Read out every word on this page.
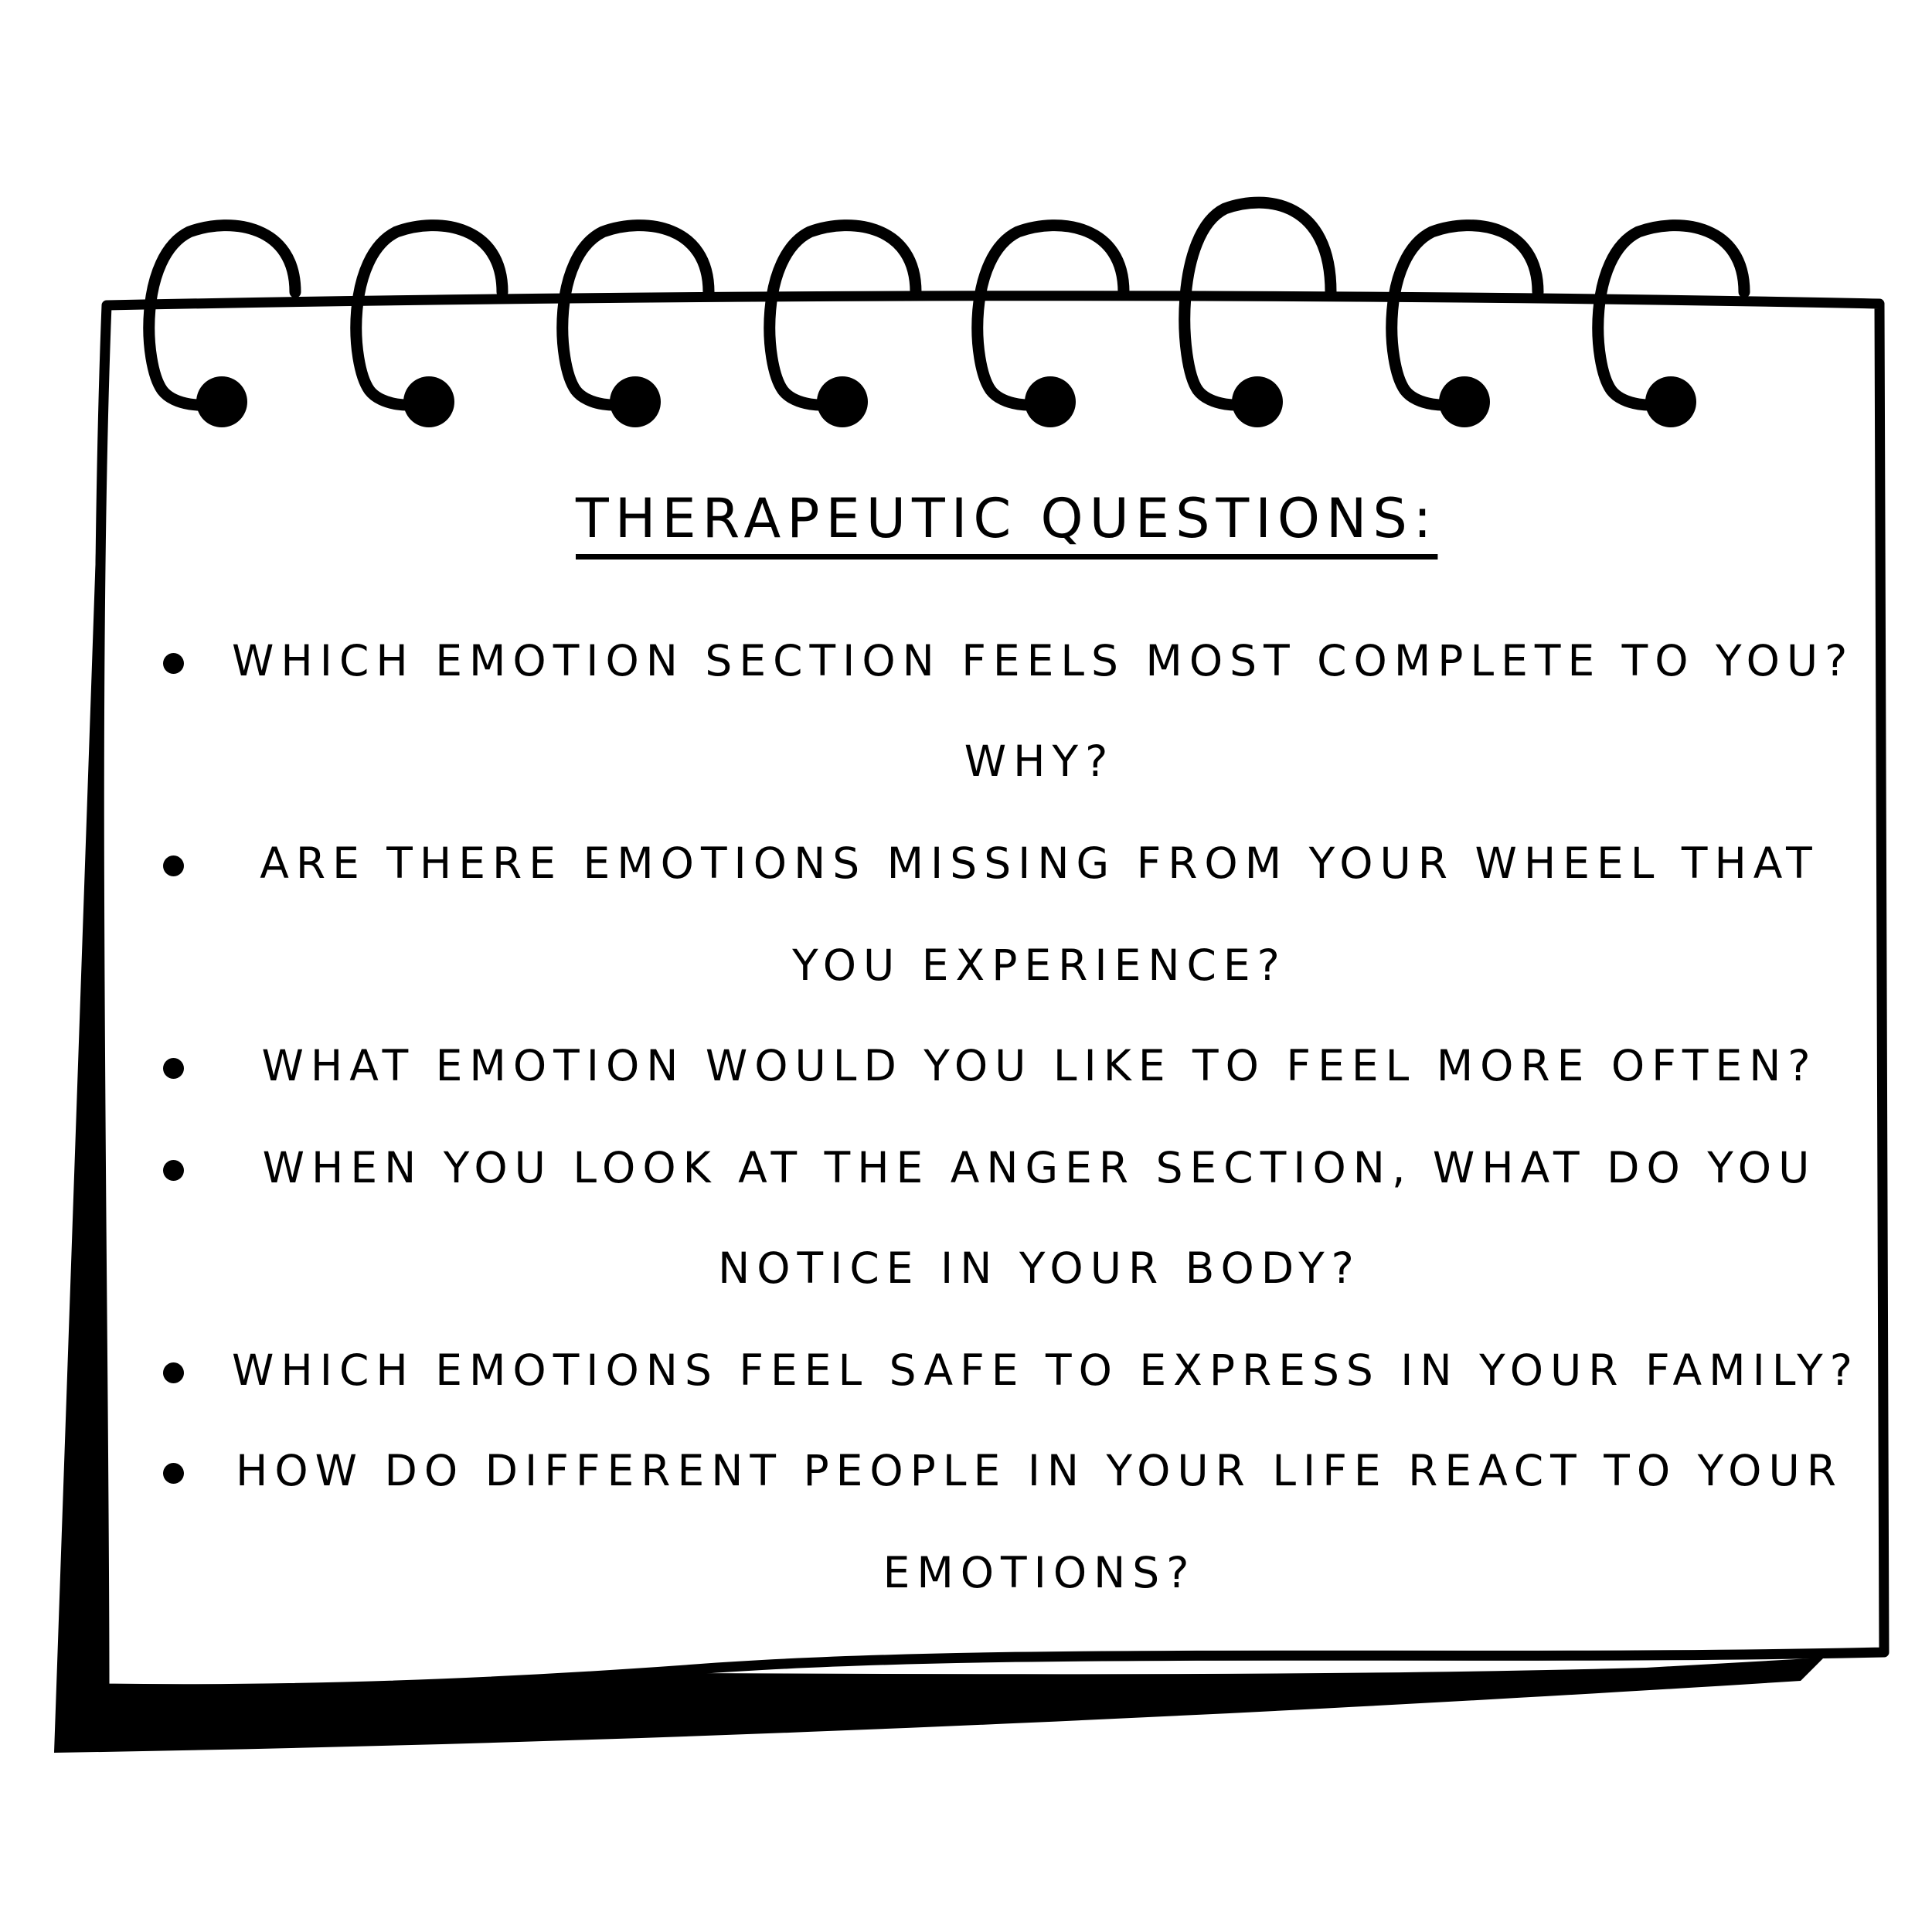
THERAPEUTIC QUESTIONS:
WHICH EMOTION SECTION FEELS MOST COMPLETE TO YOU?
WHY?
ARE THERE EMOTIONS MISSING FROM YOUR WHEEL THAT
YOU EXPERIENCE?
WHAT EMOTION WOULD YOU LIKE TO FEEL MORE OFTEN?
WHEN YOU LOOK AT THE ANGER SECTION, WHAT DO YOU
NOTICE IN YOUR BODY?
WHICH EMOTIONS FEEL SAFE TO EXPRESS IN YOUR FAMILY?
HOW DO DIFFERENT PEOPLE IN YOUR LIFE REACT TO YOUR
EMOTIONS?
